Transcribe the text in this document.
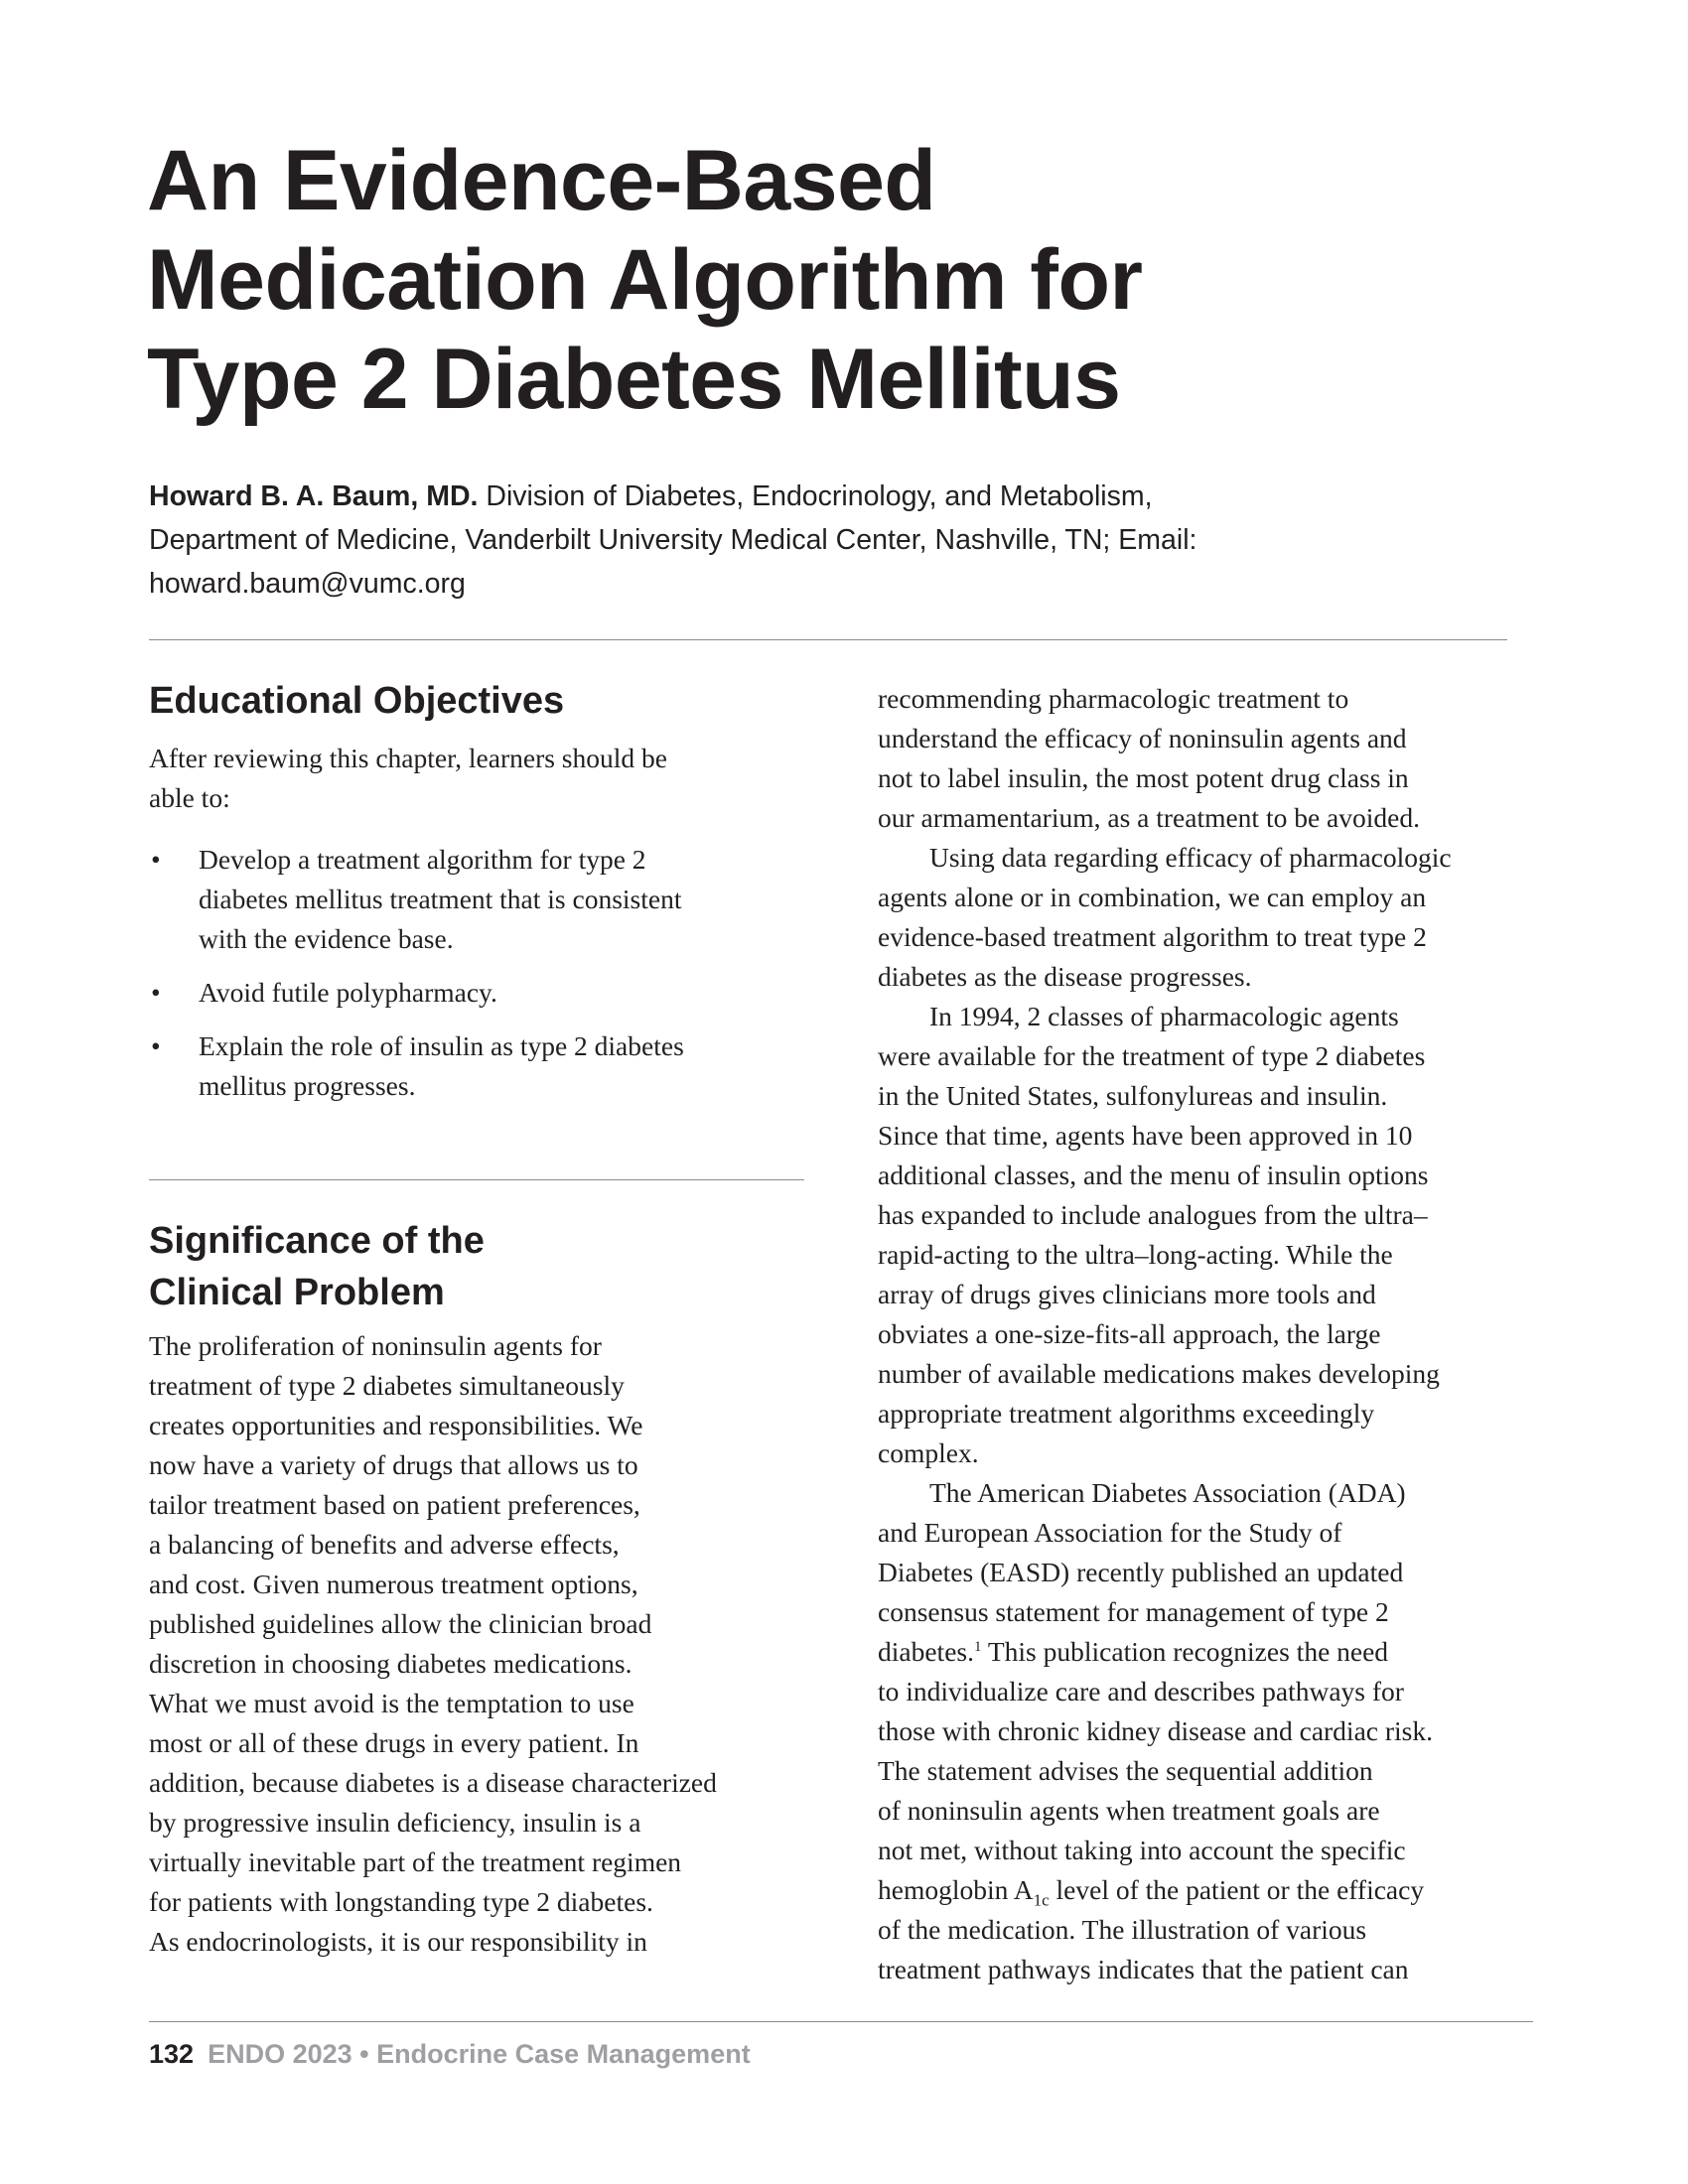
An Evidence-Based
Medication Algorithm for
Type 2 Diabetes Mellitus
Howard B. A. Baum, MD. Division of Diabetes, Endocrinology, and Metabolism,
Department of Medicine, Vanderbilt University Medical Center, Nashville, TN; Email:
howard.baum@vumc.org
Educational Objectives
After reviewing this chapter, learners should be
able to:
• Develop a treatment algorithm for type 2
diabetes mellitus treatment that is consistent
with the evidence base.
• Avoid futile polypharmacy.
• Explain the role of insulin as type 2 diabetes
mellitus progresses.
Significance of the
Clinical Problem
The proliferation of noninsulin agents for
treatment of type 2 diabetes simultaneously
creates opportunities and responsibilities. We
now have a variety of drugs that allows us to
tailor treatment based on patient preferences,
a balancing of benefits and adverse effects,
and cost. Given numerous treatment options,
published guidelines allow the clinician broad
discretion in choosing diabetes medications.
What we must avoid is the temptation to use
most or all of these drugs in every patient. In
addition, because diabetes is a disease characterized
by progressive insulin deficiency, insulin is a
virtually inevitable part of the treatment regimen
for patients with longstanding type 2 diabetes.
As endocrinologists, it is our responsibility in
recommending pharmacologic treatment to
understand the efficacy of noninsulin agents and
not to label insulin, the most potent drug class in
our armamentarium, as a treatment to be avoided.
Using data regarding efficacy of pharmacologic
agents alone or in combination, we can employ an
evidence-based treatment algorithm to treat type 2
diabetes as the disease progresses.
In 1994, 2 classes of pharmacologic agents
were available for the treatment of type 2 diabetes
in the United States, sulfonylureas and insulin.
Since that time, agents have been approved in 10
additional classes, and the menu of insulin options
has expanded to include analogues from the ultra–
rapid-acting to the ultra–long-acting. While the
array of drugs gives clinicians more tools and
obviates a one-size-fits-all approach, the large
number of available medications makes developing
appropriate treatment algorithms exceedingly
complex.
The American Diabetes Association (ADA)
and European Association for the Study of
Diabetes (EASD) recently published an updated
consensus statement for management of type 2
diabetes.$^1$ This publication recognizes the need
to individualize care and describes pathways for
those with chronic kidney disease and cardiac risk.
The statement advises the sequential addition
of noninsulin agents when treatment goals are
not met, without taking into account the specific
hemoglobin $A_{1c}$ level of the patient or the efficacy
of the medication. The illustration of various
treatment pathways indicates that the patient can
132 ENDO 2023 • Endocrine Case Management
